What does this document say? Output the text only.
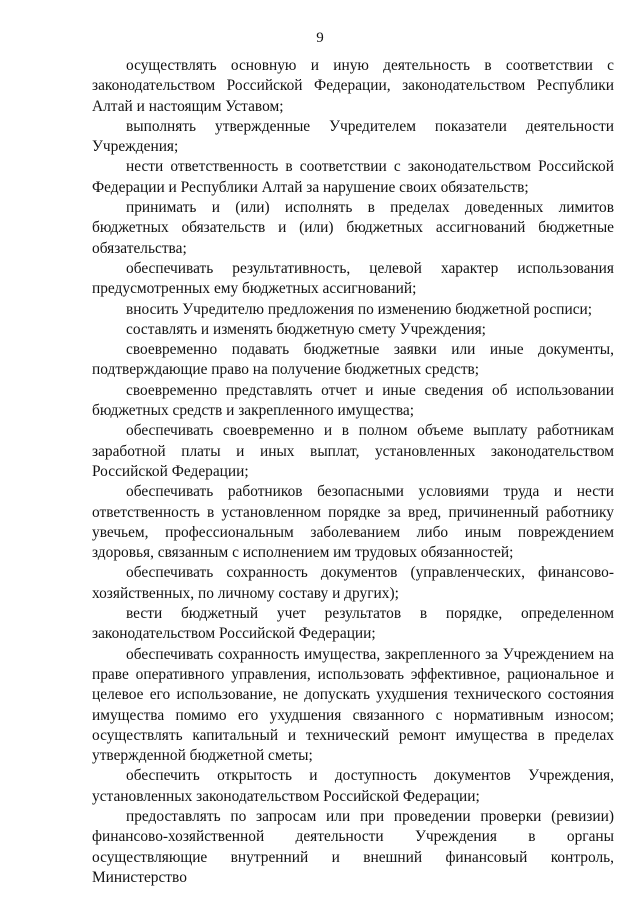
9

осуществлять основную и иную деятельность в соответствии с законодательством Российской Федерации, законодательством Республики Алтай и настоящим Уставом;

выполнять утвержденные Учредителем показатели деятельности Учреждения;

нести ответственность в соответствии с законодательством Российской Федерации и Республики Алтай за нарушение своих обязательств;

принимать и (или) исполнять в пределах доведенных лимитов бюджетных обязательств и (или) бюджетных ассигнований бюджетные обязательства;

обеспечивать результативность, целевой характер использования предусмотренных ему бюджетных ассигнований;

вносить Учредителю предложения по изменению бюджетной росписи;

составлять и изменять бюджетную смету Учреждения;

своевременно подавать бюджетные заявки или иные документы, подтверждающие право на получение бюджетных средств;

своевременно представлять отчет и иные сведения об использовании бюджетных средств и закрепленного имущества;

обеспечивать своевременно и в полном объеме выплату работникам заработной платы и иных выплат, установленных законодательством Российской Федерации;

обеспечивать работников безопасными условиями труда и нести ответственность в установленном порядке за вред, причиненный работнику увечьем, профессиональным заболеванием либо иным повреждением здоровья, связанным с исполнением им трудовых обязанностей;

обеспечивать сохранность документов (управленческих, финансово-хозяйственных, по личному составу и других);

вести бюджетный учет результатов в порядке, определенном законодательством Российской Федерации;

обеспечивать сохранность имущества, закрепленного за Учреждением на праве оперативного управления, использовать эффективное, рациональное и целевое его использование, не допускать ухудшения технического состояния имущества помимо его ухудшения связанного с нормативным износом; осуществлять капитальный и технический ремонт имущества в пределах утвержденной бюджетной сметы;

обеспечить открытость и доступность документов Учреждения, установленных законодательством Российской Федерации;

предоставлять по запросам или при проведении проверки (ревизии) финансово-хозяйственной деятельности Учреждения в органы осуществляющие внутренний и внешний финансовый контроль, Министерство
